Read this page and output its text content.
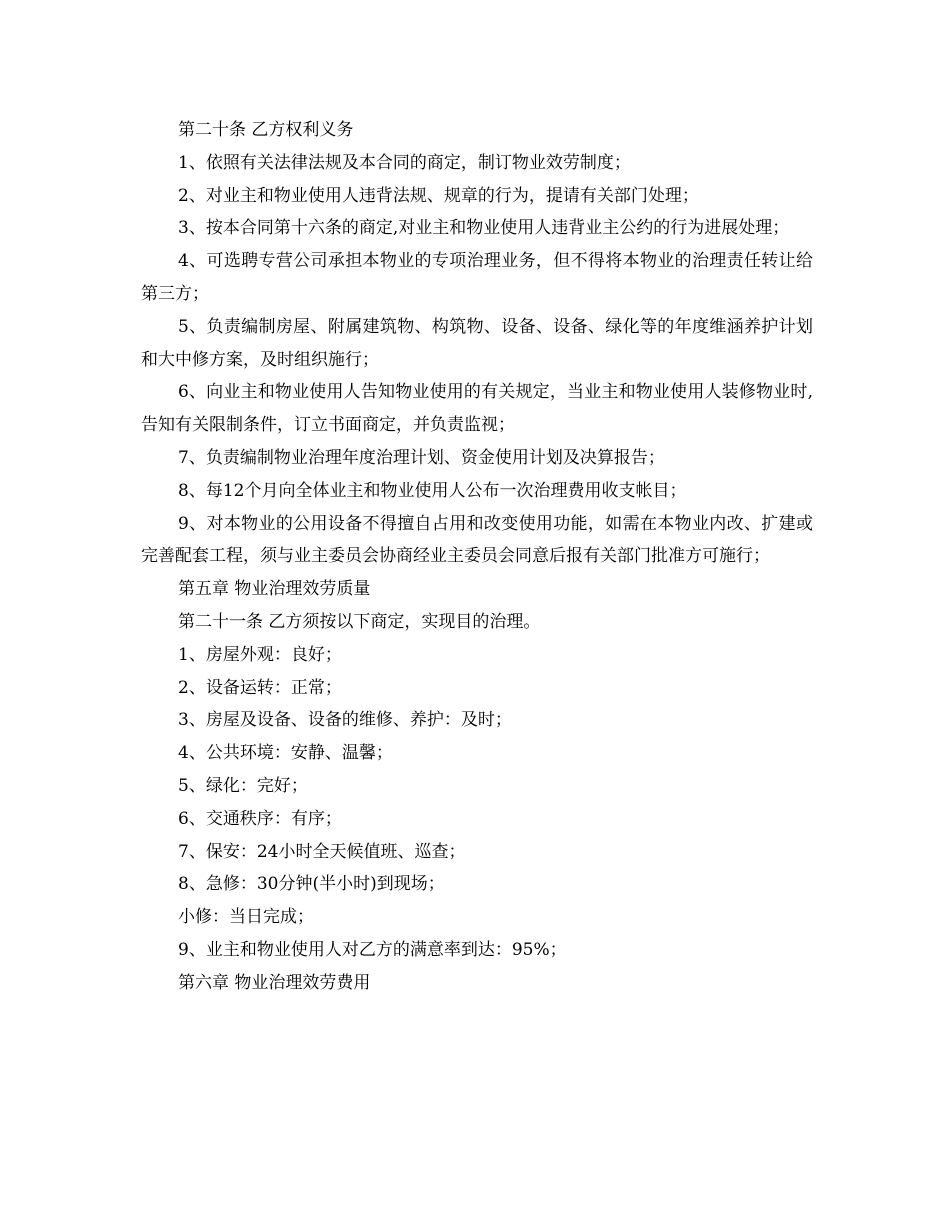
第二十条 乙方权利义务

1、依照有关法律法规及本合同的商定，制订物业效劳制度；

2、对业主和物业使用人违背法规、规章的行为，提请有关部门处理；

3、按本合同第十六条的商定,对业主和物业使用人违背业主公约的行为进展处理；

4、可选聘专营公司承担本物业的专项治理业务，但不得将本物业的治理责任转让给第三方；

5、负责编制房屋、附属建筑物、构筑物、设备、设备、绿化等的年度维涵养护计划和大中修方案，及时组织施行；

6、向业主和物业使用人告知物业使用的有关规定，当业主和物业使用人装修物业时,告知有关限制条件，订立书面商定，并负责监视；

7、负责编制物业治理年度治理计划、资金使用计划及决算报告；

8、每12个月向全体业主和物业使用人公布一次治理费用收支帐目；

9、对本物业的公用设备不得擅自占用和改变使用功能，如需在本物业内改、扩建或完善配套工程，须与业主委员会协商经业主委员会同意后报有关部门批准方可施行；

第五章 物业治理效劳质量

第二十一条 乙方须按以下商定，实现目的治理。

1、房屋外观：良好；

2、设备运转：正常；

3、房屋及设备、设备的维修、养护：及时；

4、公共环境：安静、温馨；

5、绿化：完好；

6、交通秩序：有序；

7、保安：24小时全天候值班、巡查；

8、急修：30分钟(半小时)到现场；

小修：当日完成；

9、业主和物业使用人对乙方的满意率到达：95%；

第六章 物业治理效劳费用
